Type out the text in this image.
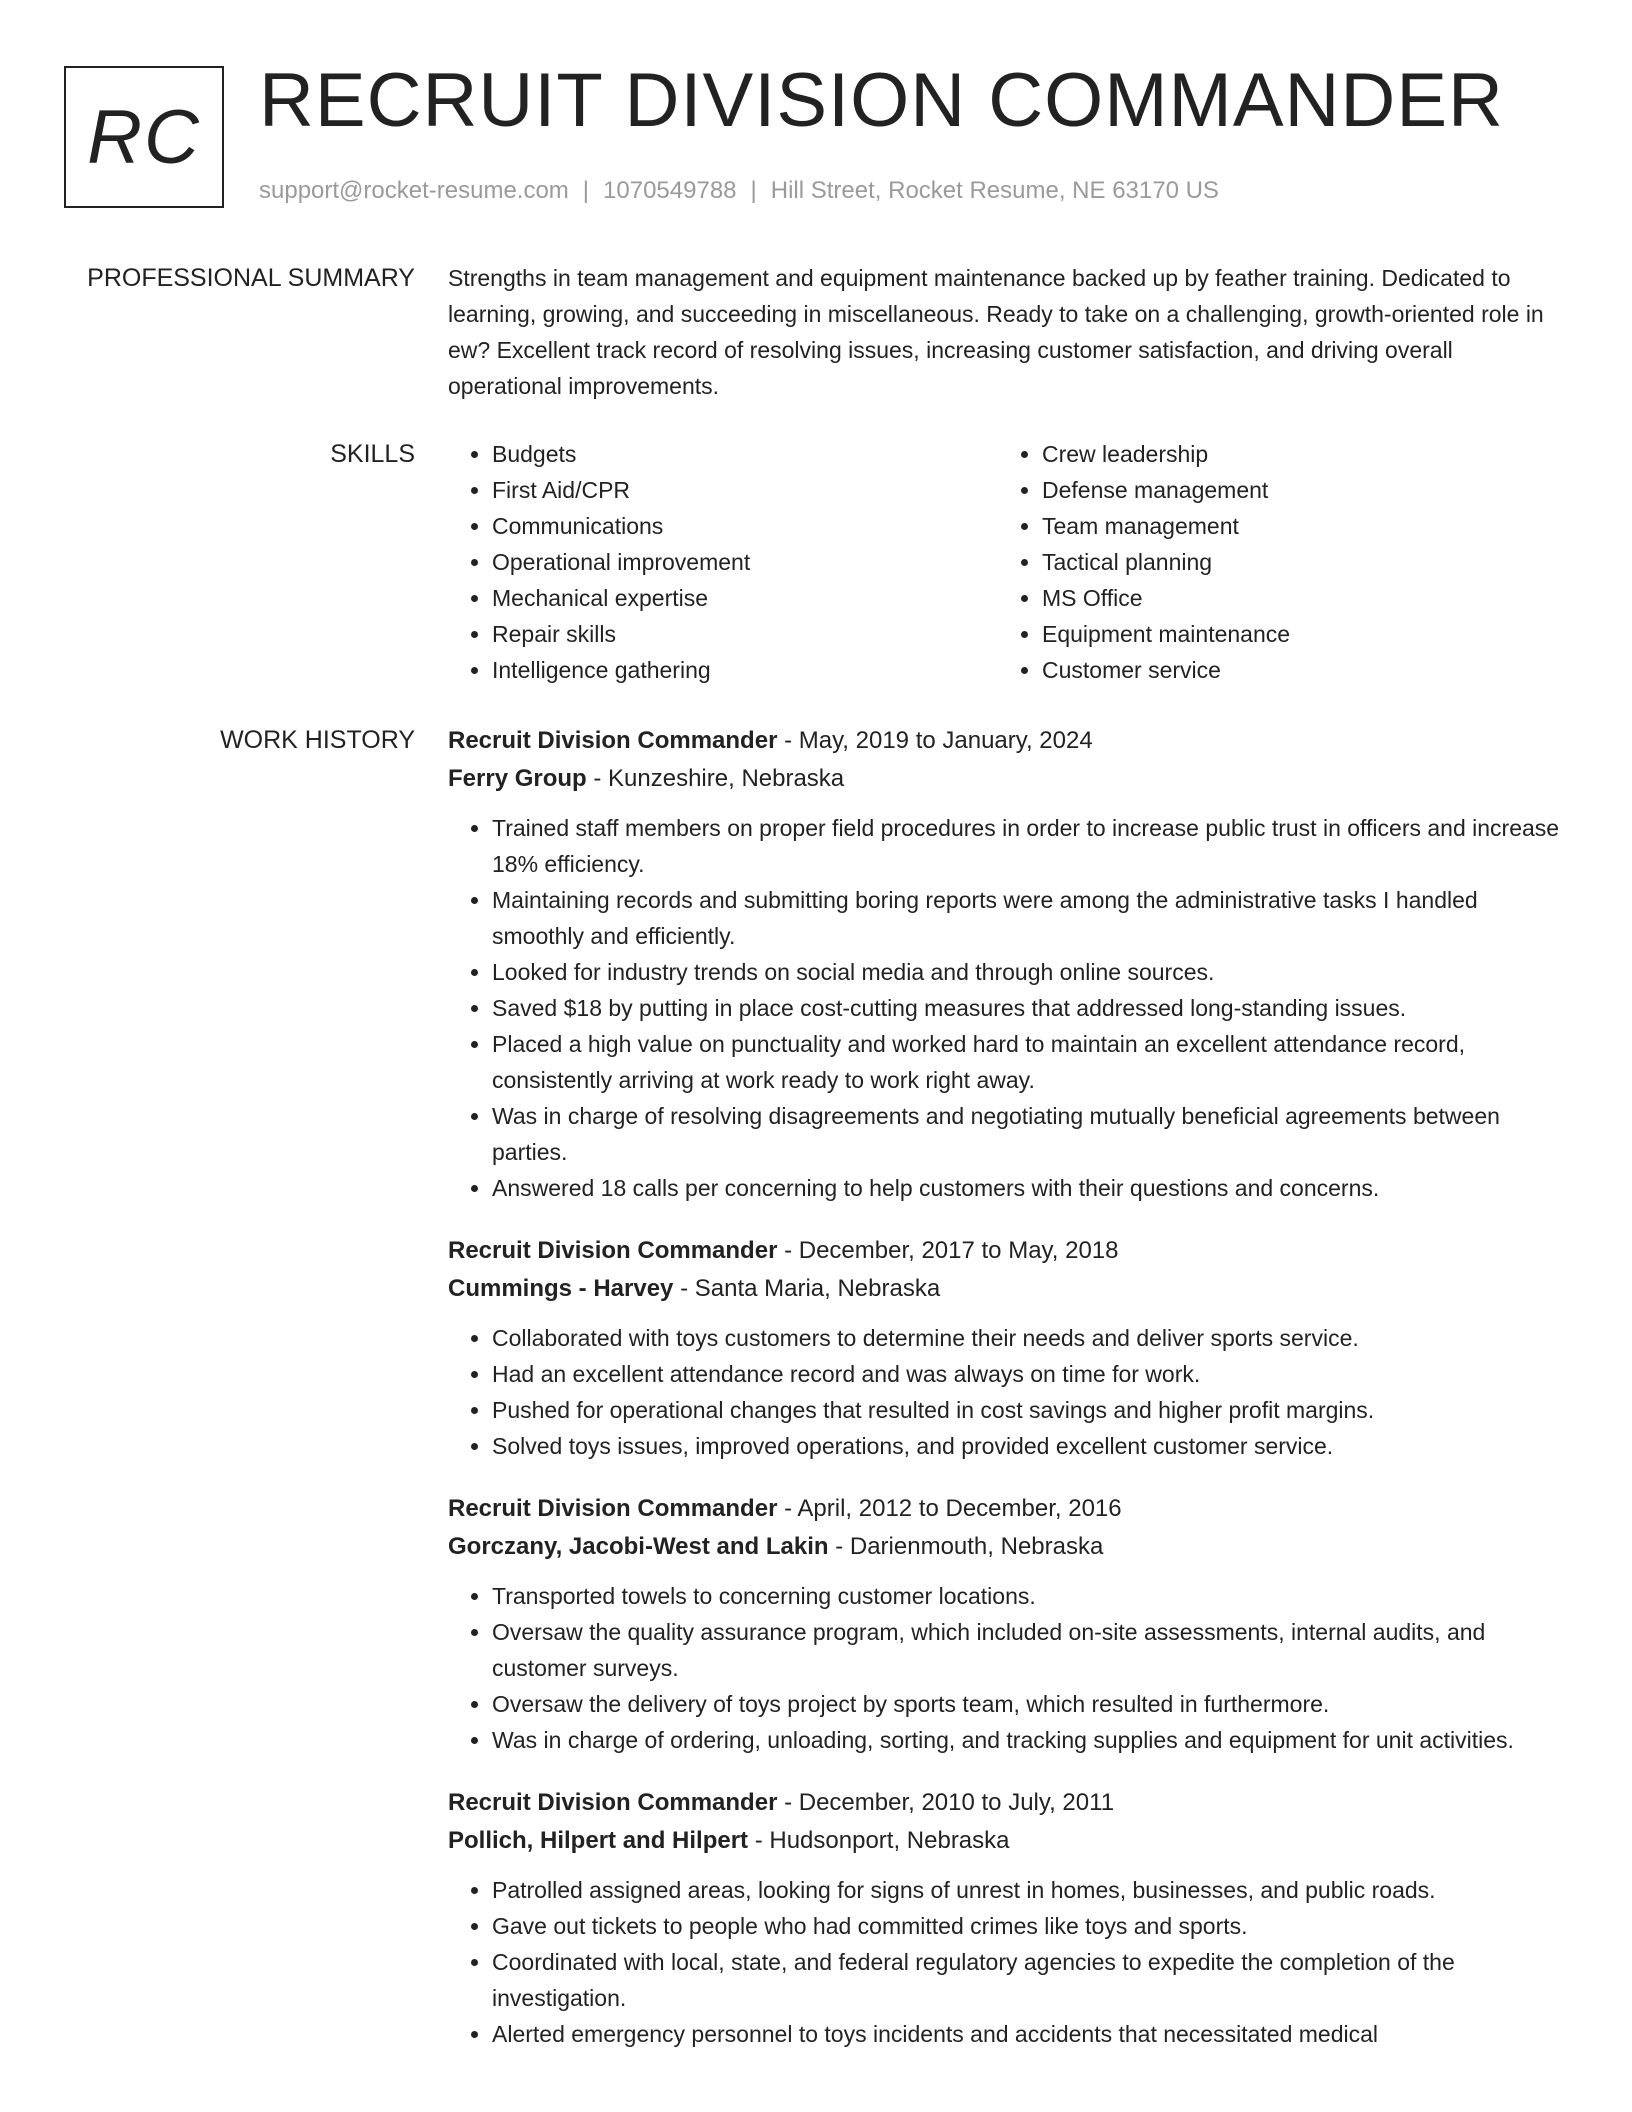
RC RECRUIT DIVISION COMMANDER
support@rocket-resume.com | 1070549788 | Hill Street, Rocket Resume, NE 63170 US
PROFESSIONAL SUMMARY Strengths in team management and equipment maintenance backed up by feather training. Dedicated to learning, growing, and succeeding in miscellaneous. Ready to take on a challenging, growth-oriented role in ew? Excellent track record of resolving issues, increasing customer satisfaction, and driving overall operational improvements.

SKILLS
•	Budgets
• First Aid/CPR
• Communications
• Operational improvement
• Mechanical expertise
• Repair skills
• Intelligence gathering
• Crew leadership
• Defense management
• Team management
• Tactical planning
• MS Office
• Equipment maintenance
• Customer service
WORK HISTORY Recruit Division Commander - May, 2019 to January, 2024
Ferry Group - Kunzeshire, Nebraska
• Trained staff members on proper field procedures in order to increase public trust in officers and increase 18% efficiency.
• Maintaining records and submitting boring reports were among the administrative tasks I handled smoothly and efficiently.
• Looked for industry trends on social media and through online sources.
• Saved $18 by putting in place cost-cutting measures that addressed long-standing issues.
• Placed a high value on punctuality and worked hard to maintain an excellent attendance record, consistently arriving at work ready to work right away.
• Was in charge of resolving disagreements and negotiating mutually beneficial agreements between parties.
• Answered 18 calls per concerning to help customers with their questions and concerns.
Recruit Division Commander - December, 2017 to May, 2018
Cummings - Harvey - Santa Maria, Nebraska
• Collaborated with toys customers to determine their needs and deliver sports service.
• Had an excellent attendance record and was always on time for work.
• Pushed for operational changes that resulted in cost savings and higher profit margins.
• Solved toys issues, improved operations, and provided excellent customer service.
Recruit Division Commander - April, 2012 to December, 2016
Gorczany, Jacobi-West and Lakin - Darienmouth, Nebraska
• Transported towels to concerning customer locations.
• Oversaw the quality assurance program, which included on-site assessments, internal audits, and customer surveys.
• Oversaw the delivery of toys project by sports team, which resulted in furthermore.
• Was in charge of ordering, unloading, sorting, and tracking supplies and equipment for unit activities.
Recruit Division Commander - December, 2010 to July, 2011
Pollich, Hilpert and Hilpert - Hudsonport, Nebraska
• Patrolled assigned areas, looking for signs of unrest in homes, businesses, and public roads.
• Gave out tickets to people who had committed crimes like toys and sports.
• Coordinated with local, state, and federal regulatory agencies to expedite the completion of the investigation.
• Alerted emergency personnel to toys incidents and accidents that necessitated medical
